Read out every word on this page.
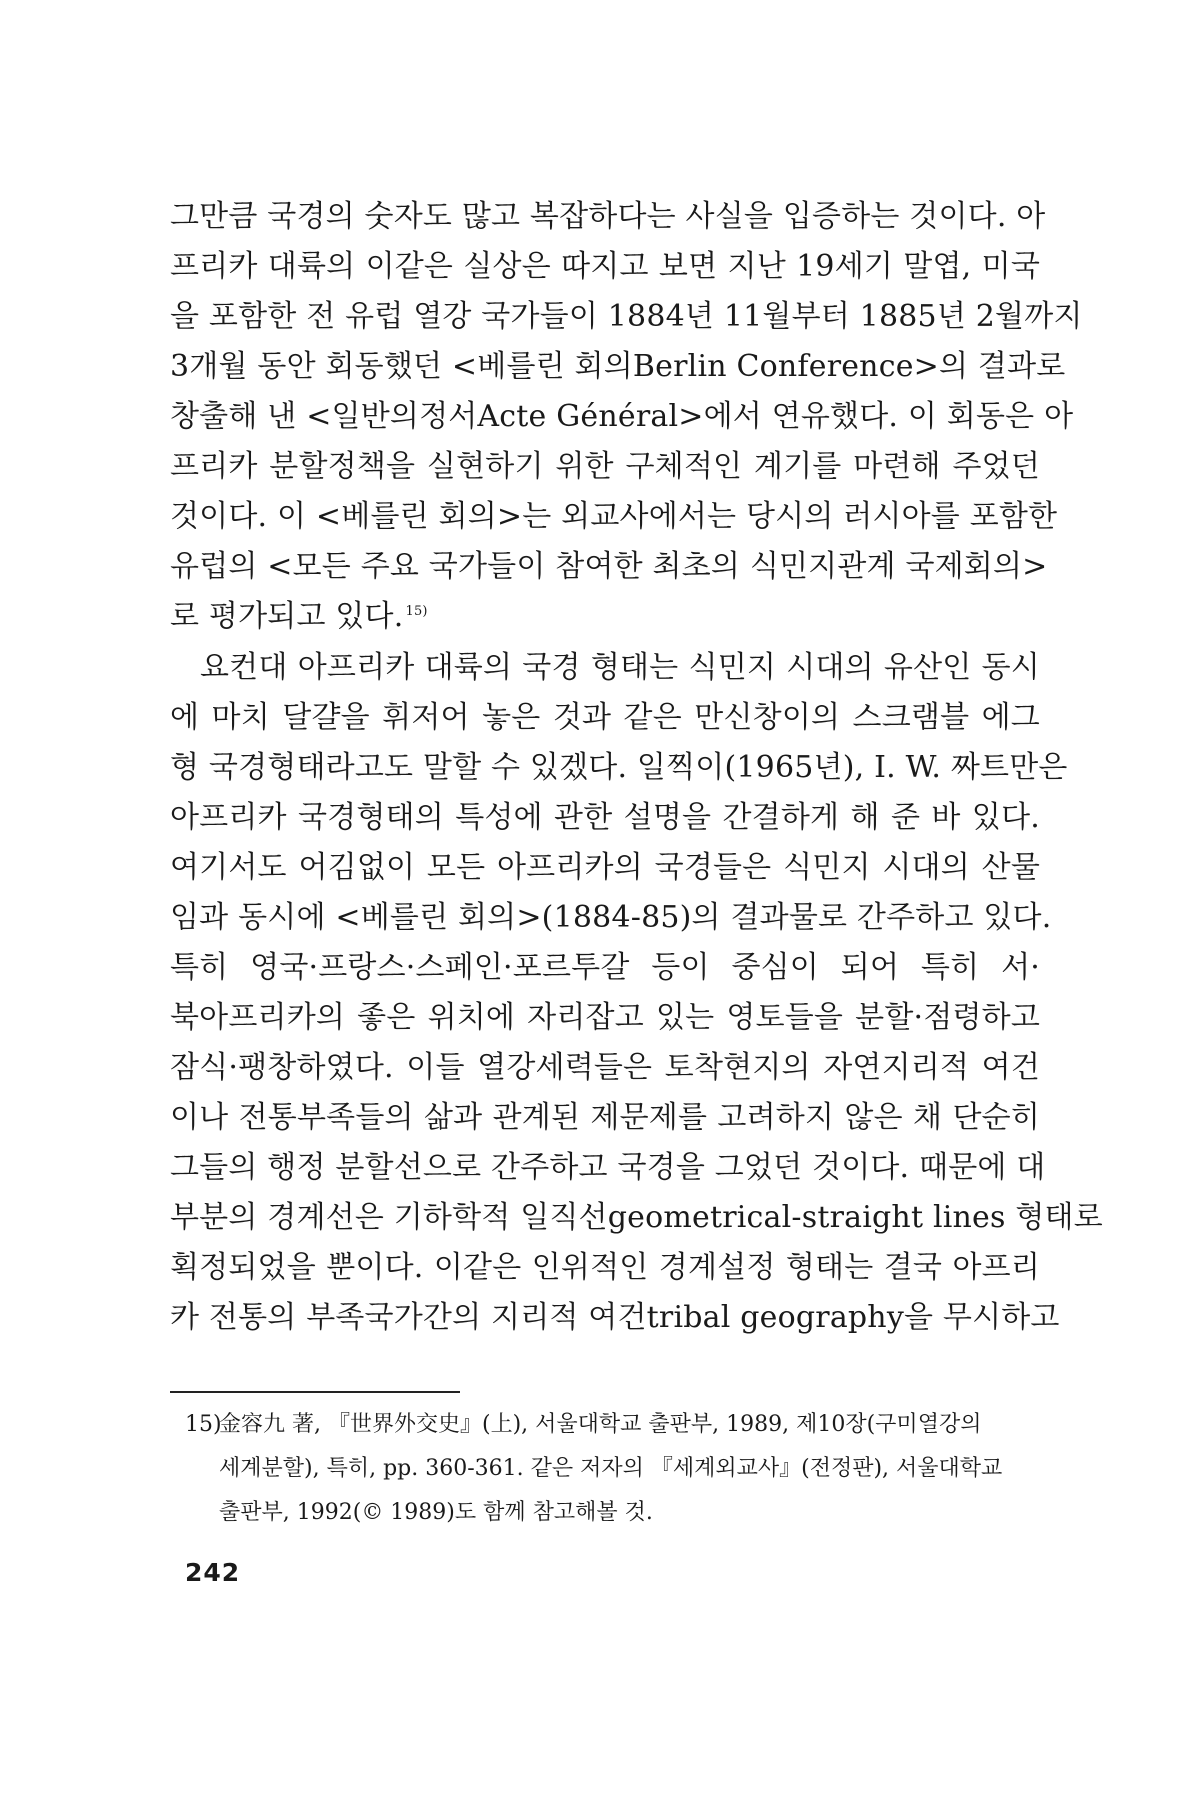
그만큼 국경의 숫자도 많고 복잡하다는 사실을 입증하는 것이다. 아
프리카 대륙의 이같은 실상은 따지고 보면 지난 19세기 말엽, 미국
을 포함한 전 유럽 열강 국가들이 1884년 11월부터 1885년 2월까지
3개월 동안 회동했던 <베를린 회의Berlin Conference>의 결과로
창출해 낸 <일반의정서Acte Général>에서 연유했다. 이 회동은 아
프리카 분할정책을 실현하기 위한 구체적인 계기를 마련해 주었던
것이다. 이 <베를린 회의>는 외교사에서는 당시의 러시아를 포함한
유럽의 <모든 주요 국가들이 참여한 최초의 식민지관계 국제회의>
로 평가되고 있다. $^{15)}$
요컨대 아프리카 대륙의 국경 형태는 식민지 시대의 유산인 동시
에 마치 달걀을 휘저어 놓은 것과 같은 만신창이의 스크램블 에그
형 국경형태라고도 말할 수 있겠다. 일찍이(1965년), I. W. 짜트만은
아프리카 국경형태의 특성에 관한 설명을 간결하게 해 준 바 있다.
여기서도 어김없이 모든 아프리카의 국경들은 식민지 시대의 산물
임과 동시에 <베를린 회의>(1884-85)의 결과물로 간주하고 있다.
특히 영국·프랑스·스페인·포르투갈 등이 중심이 되어 특히 서·
북아프리카의 좋은 위치에 자리잡고 있는 영토들을 분할·점령하고
잠식·팽창하였다. 이들 열강세력들은 토착현지의 자연지리적 여건
이나 전통부족들의 삶과 관계된 제문제를 고려하지 않은 채 단순히
그들의 행정 분할선으로 간주하고 국경을 그었던 것이다. 때문에 대
부분의 경계선은 기하학적 일직선geometrical-straight lines 형태로
획정되었을 뿐이다. 이같은 인위적인 경계설정 형태는 결국 아프리
카 전통의 부족국가간의 지리적 여건tribal geography을 무시하고
15)金容九 著, 『世界外交史』(上), 서울대학교 출판부, 1989, 제10장(구미열강의
세계분할), 특히, pp. 360-361. 같은 저자의 『세계외교사』(전정판), 서울대학교
출판부, 1992(© 1989)도 함께 참고해볼 것.
242
